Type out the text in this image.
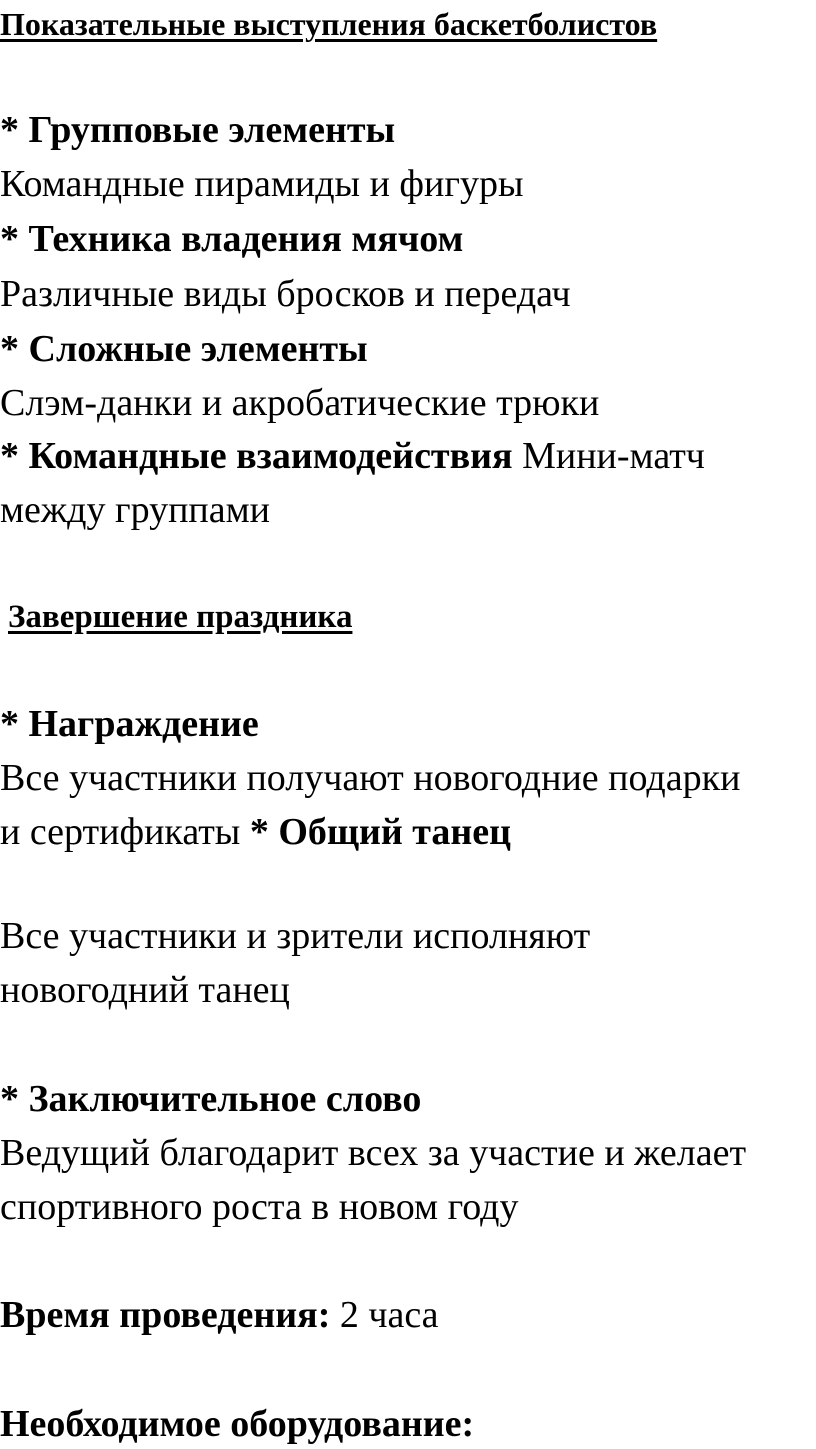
Показательные выступления баскетболистов
* Групповые элементы
Командные пирамиды и фигуры
* Техника владения мячом
Различные виды бросков и передач
* Сложные элементы
Слэм-данки и акробатические трюки
* Командные взаимодействия Мини-матч
между группами
Завершение праздника
* Награждение
Все участники получают новогодние подарки
и сертификаты * Общий танец
Все участники и зрители исполняют
новогодний танец
* Заключительное слово
Ведущий благодарит всех за участие и желает
спортивного роста в новом году
Время проведения: 2 часа
Необходимое оборудование:
